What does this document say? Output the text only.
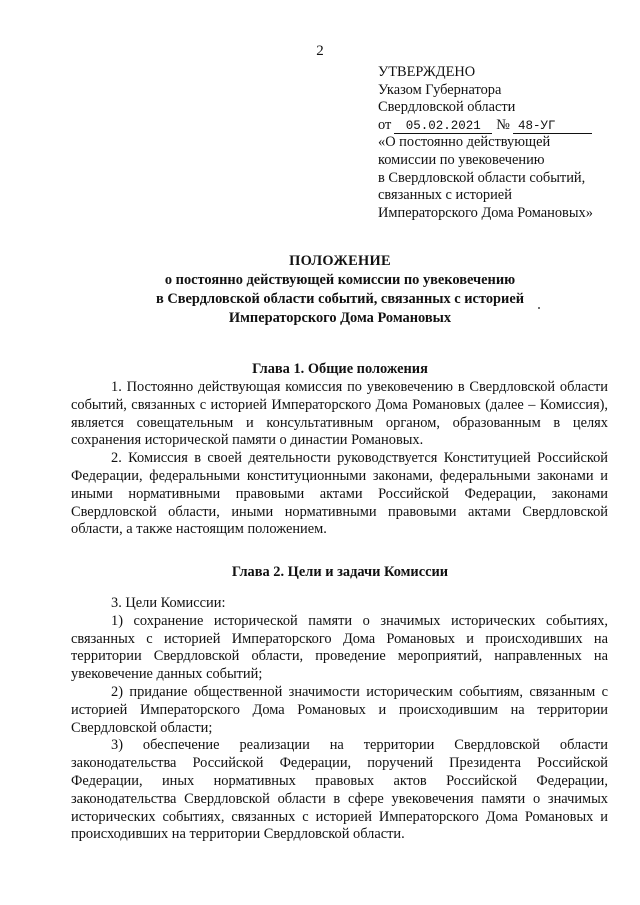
2
УТВЕРЖДЕНО
Указом Губернатора
Свердловской области
от	05.02.2021	№ 48-УГ
«О постоянно действующей
комиссии по увековечению
в Свердловской области событий,
связанных с историей
Императорского Дома Романовых»
ПОЛОЖЕНИЕ
о постоянно действующей комиссии по увековечению
в Свердловской области событий, связанных с историей
Императорского Дома Романовых
Глава 1. Общие положения

1. Постоянно действующая комиссия по увековечению в Свердловской области событий, связанных с историей Императорского Дома Романовых (далее – Комиссия), является совещательным и консультативным органом, образованным в целях сохранения исторической памяти о династии Романовых.

2. Комиссия в своей деятельности руководствуется Конституцией Российской Федерации, федеральными конституционными законами, федеральными законами и иными нормативными правовыми актами Российской Федерации, законами Свердловской области, иными нормативными правовыми актами Свердловской области, а также настоящим положением.

Глава 2. Цели и задачи Комиссии

3. Цели Комиссии:

1) сохранение исторической памяти о значимых исторических событиях, связанных с историей Императорского Дома Романовых и происходивших на территории Свердловской области, проведение мероприятий, направленных на увековечение данных событий;

2) придание общественной значимости историческим событиям, связанным с историей Императорского Дома Романовых и происходившим на территории Свердловской области;

3) обеспечение реализации на территории Свердловской области законодательства Российской Федерации, поручений Президента Российской Федерации, иных нормативных правовых актов Российской Федерации, законодательства Свердловской области в сфере увековечения памяти о значимых исторических событиях, связанных с историей Императорского Дома Романовых и происходивших на территории Свердловской области.
